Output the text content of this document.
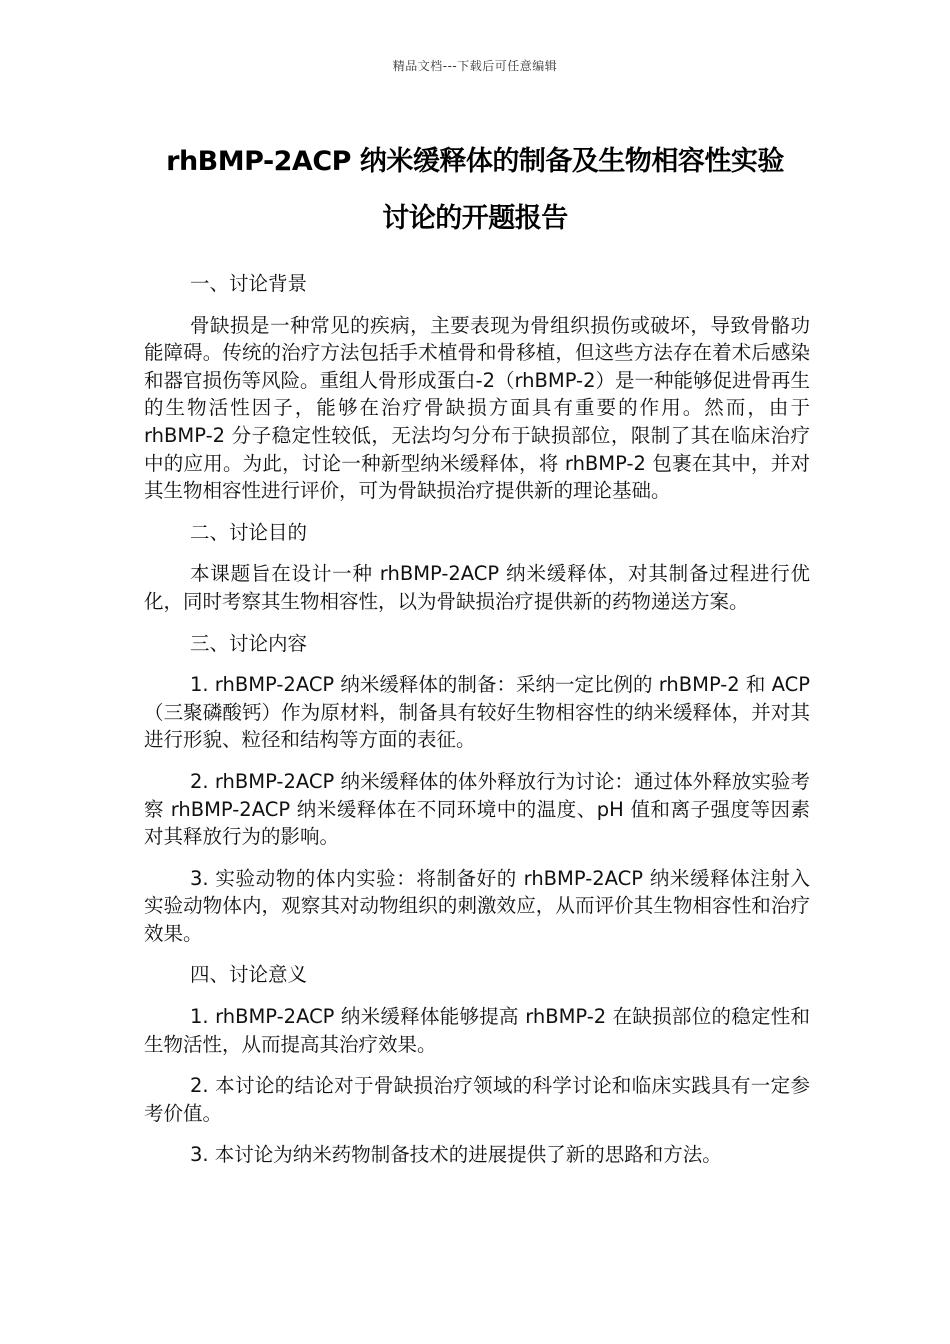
精品文档---下载后可任意编辑
rhBMP-2ACP 纳米缓释体的制备及生物相容性实验
讨论的开题报告
一、讨论背景

骨缺损是一种常见的疾病，主要表现为骨组织损伤或破坏，导致骨骼功能障碍。传统的治疗方法包括手术植骨和骨移植，但这些方法存在着术后感染和器官损伤等风险。重组人骨形成蛋白-2（rhBMP-2）是一种能够促进骨再生的生物活性因子，能够在治疗骨缺损方面具有重要的作用。然而，由于 rhBMP-2 分子稳定性较低，无法均匀分布于缺损部位，限制了其在临床治疗中的应用。为此，讨论一种新型纳米缓释体，将 rhBMP-2 包裹在其中，并对其生物相容性进行评价，可为骨缺损治疗提供新的理论基础。

二、讨论目的

本课题旨在设计一种 rhBMP-2ACP 纳米缓释体，对其制备过程进行优化，同时考察其生物相容性，以为骨缺损治疗提供新的药物递送方案。

三、讨论内容

1. rhBMP-2ACP 纳米缓释体的制备：采纳一定比例的 rhBMP-2 和 ACP（三聚磷酸钙）作为原材料，制备具有较好生物相容性的纳米缓释体，并对其进行形貌、粒径和结构等方面的表征。

2. rhBMP-2ACP 纳米缓释体的体外释放行为讨论：通过体外释放实验考察 rhBMP-2ACP 纳米缓释体在不同环境中的温度、pH 值和离子强度等因素对其释放行为的影响。

3. 实验动物的体内实验：将制备好的 rhBMP-2ACP 纳米缓释体注射入实验动物体内，观察其对动物组织的刺激效应，从而评价其生物相容性和治疗效果。

四、讨论意义

1. rhBMP-2ACP 纳米缓释体能够提高 rhBMP-2 在缺损部位的稳定性和生物活性，从而提高其治疗效果。

2. 本讨论的结论对于骨缺损治疗领域的科学讨论和临床实践具有一定参考价值。

3. 本讨论为纳米药物制备技术的进展提供了新的思路和方法。
